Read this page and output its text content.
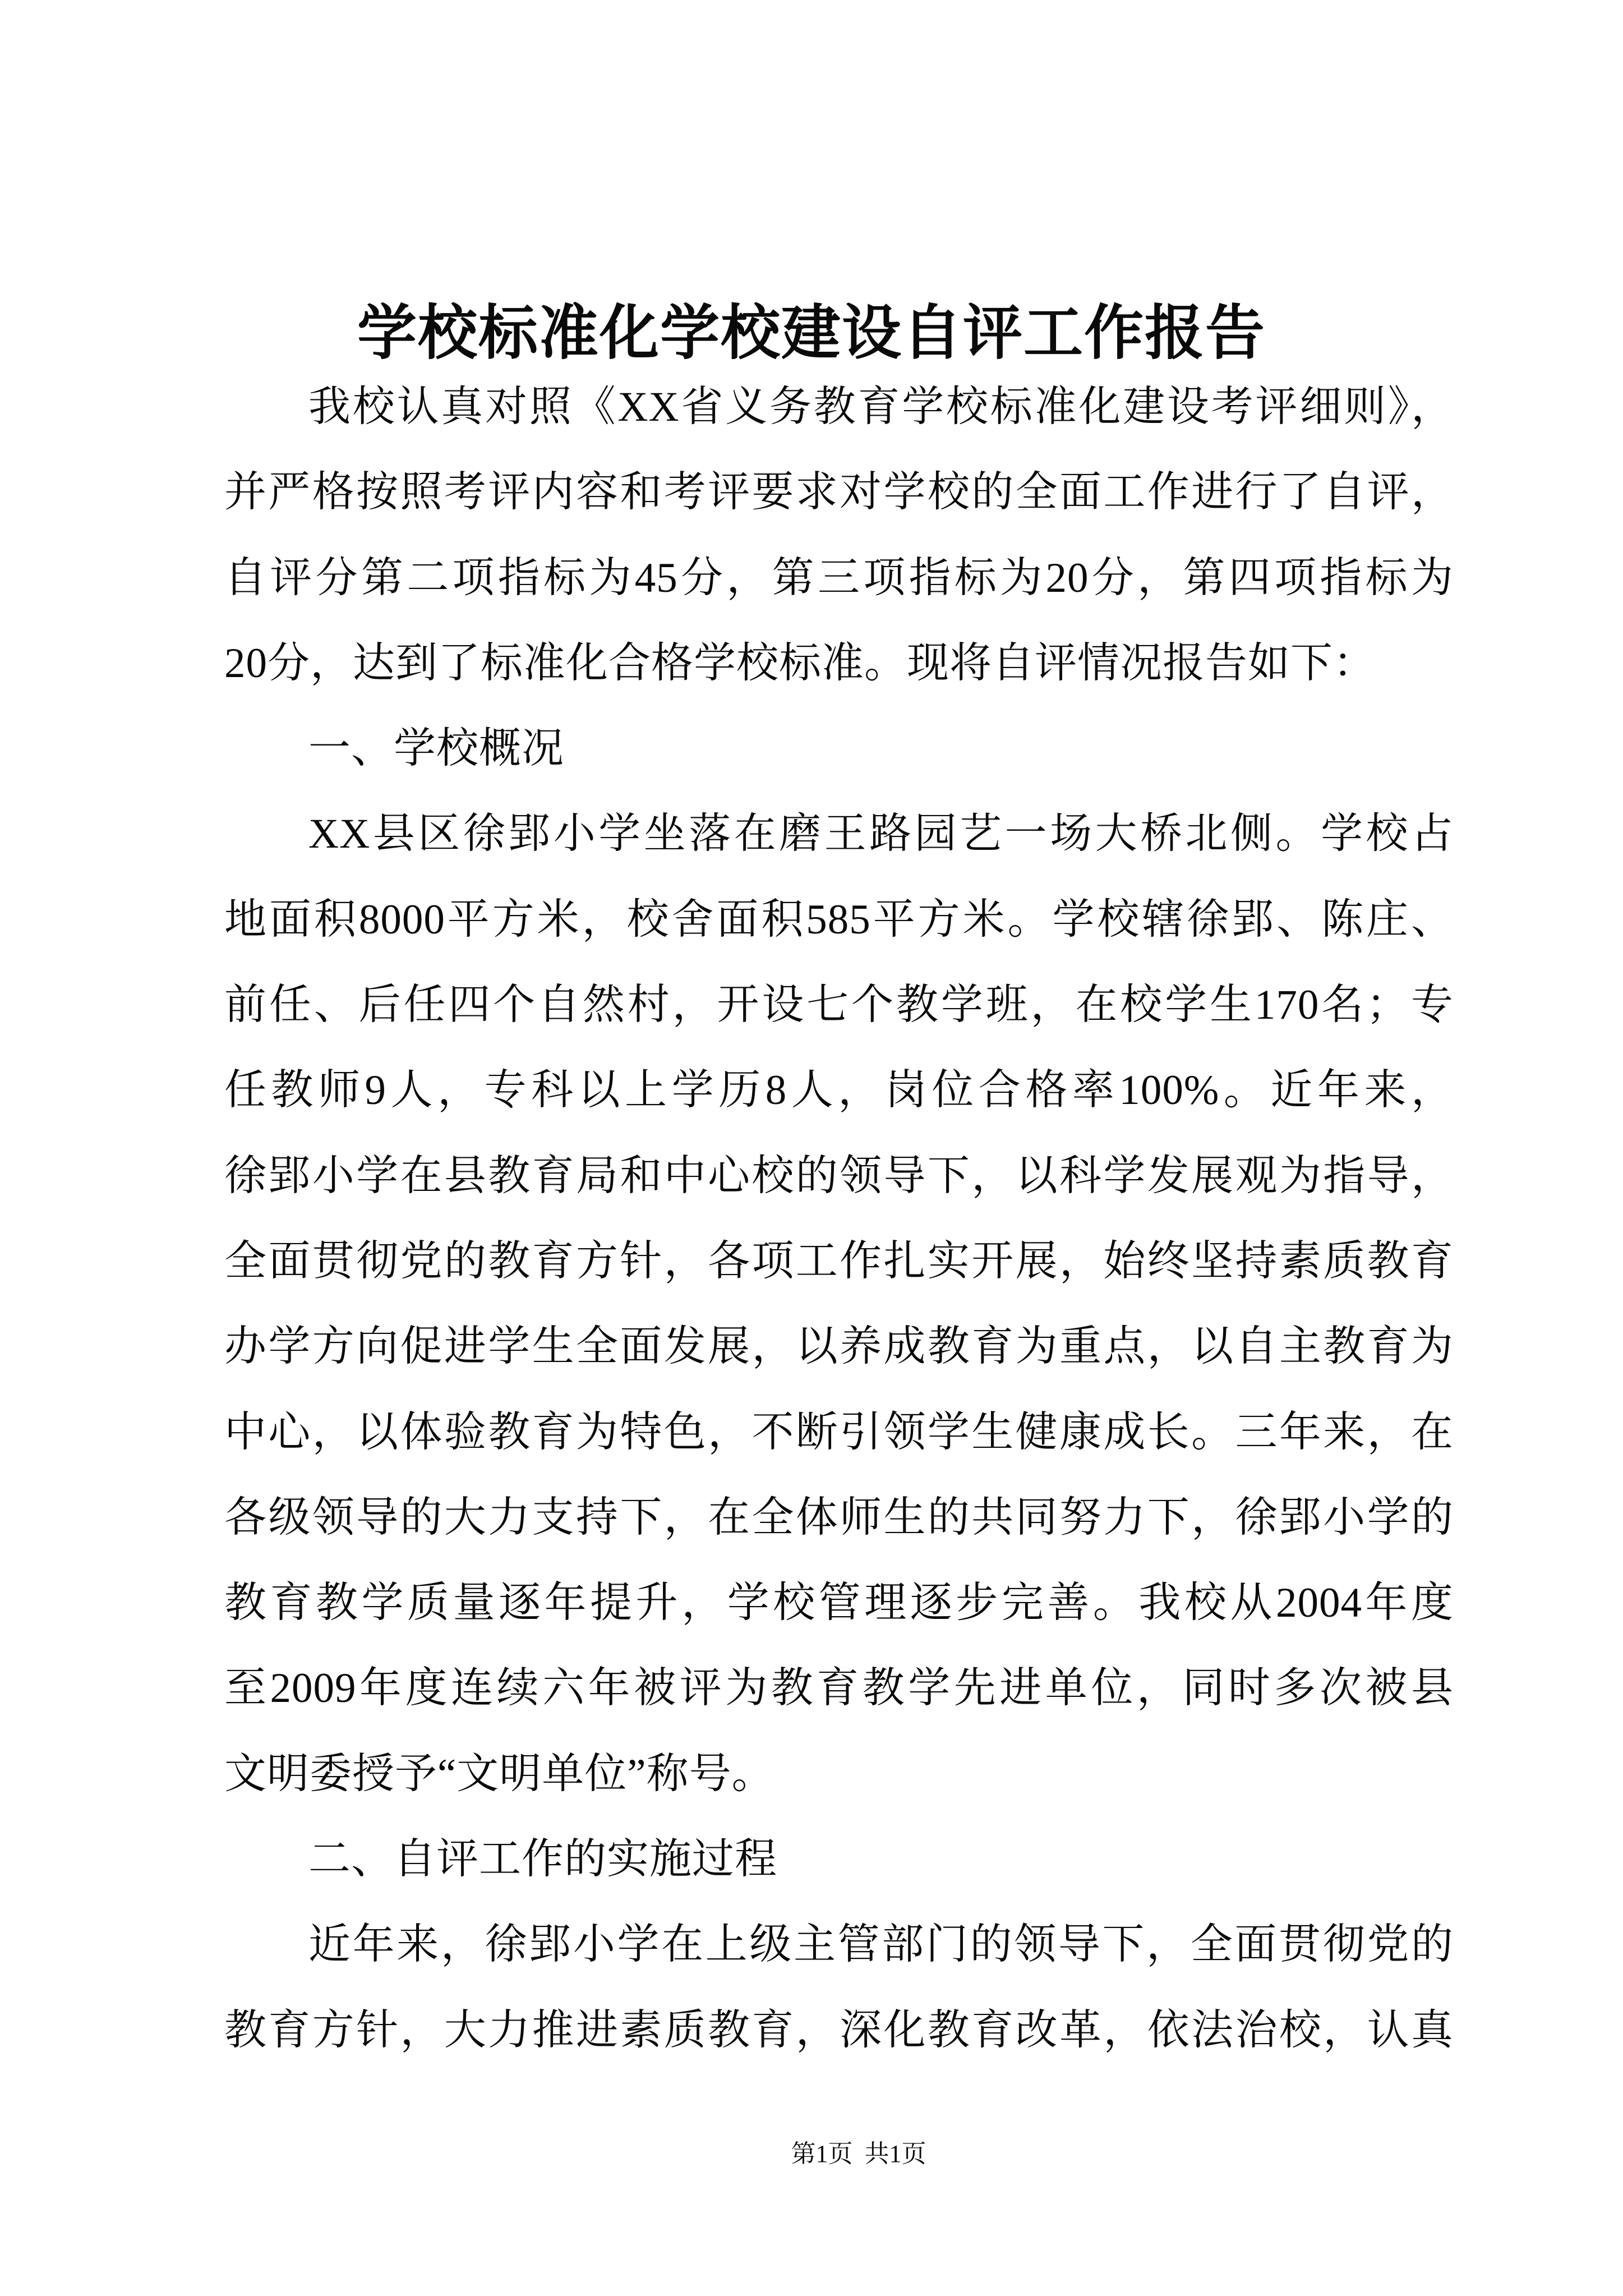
学校标准化学校建设自评工作报告
我校认真对照《XX省义务教育学校标准化建设考评细则》，
并严格按照考评内容和考评要求对学校的全面工作进行了自评，
自评分第二项指标为45分，第三项指标为20分，第四项指标为
20分，达到了标准化合格学校标准。现将自评情况报告如下：
一、学校概况
XX县区徐郢小学坐落在磨王路园艺一场大桥北侧。学校占
地面积8000平方米，校舍面积585平方米。学校辖徐郢、陈庄、
前任、后任四个自然村，开设七个教学班，在校学生170名；专
任教师9人，专科以上学历8人，岗位合格率100%。近年来，
徐郢小学在县教育局和中心校的领导下，以科学发展观为指导，
全面贯彻党的教育方针，各项工作扎实开展，始终坚持素质教育
办学方向促进学生全面发展，以养成教育为重点，以自主教育为
中心，以体验教育为特色，不断引领学生健康成长。三年来，在
各级领导的大力支持下，在全体师生的共同努力下，徐郢小学的
教育教学质量逐年提升，学校管理逐步完善。我校从2004年度
至2009年度连续六年被评为教育教学先进单位，同时多次被县
文明委授予“文明单位”称号。
二、自评工作的实施过程
近年来，徐郢小学在上级主管部门的领导下，全面贯彻党的
教育方针，大力推进素质教育，深化教育改革，依法治校，认真
第1页 共1页
